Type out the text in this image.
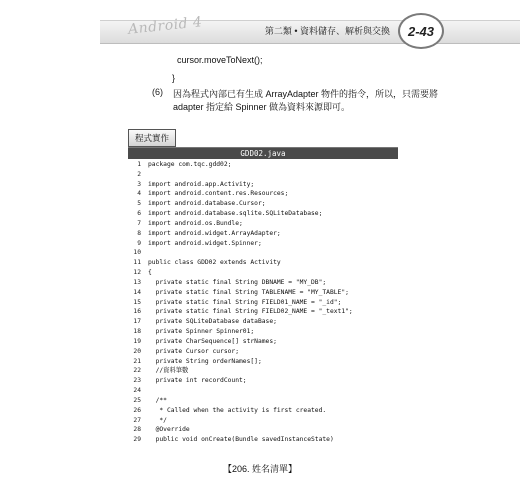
Android 4	第二類 • 資料儲存、解析與交換	2-43
cursor.moveToNext();
}
(6) 因為程式內部已有生成 ArrayAdapter 物件的指令，所以，只需要將
adapter 指定給 Spinner 做為資料來源即可。
程式實作
GDD02.java
1 package com.tqc.gdd02;
2
3 import android.app.Activity;
4 import android.content.res.Resources;
5 import android.database.Cursor;
6 import android.database.sqlite.SQLiteDatabase;
7 import android.os.Bundle;
8 import android.widget.ArrayAdapter;
9 import android.widget.Spinner;
10
11 public class GDD02 extends Activity
12 {
13 private static final String DBNAME = "MY_DB";
14 private static final String TABLENAME = "MY_TABLE";
15 private static final String FIELD01_NAME = "_id";
16 private static final String FIELD02_NAME = "_text1";
17 private SQLiteDatabase dataBase;
18 private Spinner Spinner01;
19 private CharSequence[] strNames;
20 private Cursor cursor;
21 private String orderNames[];
22 //資料筆數
23 private int recordCount;
24
25 /**
26 * Called when the activity is first created.
27 */
28 @Override
29 public void onCreate(Bundle savedInstanceState)
【206. 姓名清單】
